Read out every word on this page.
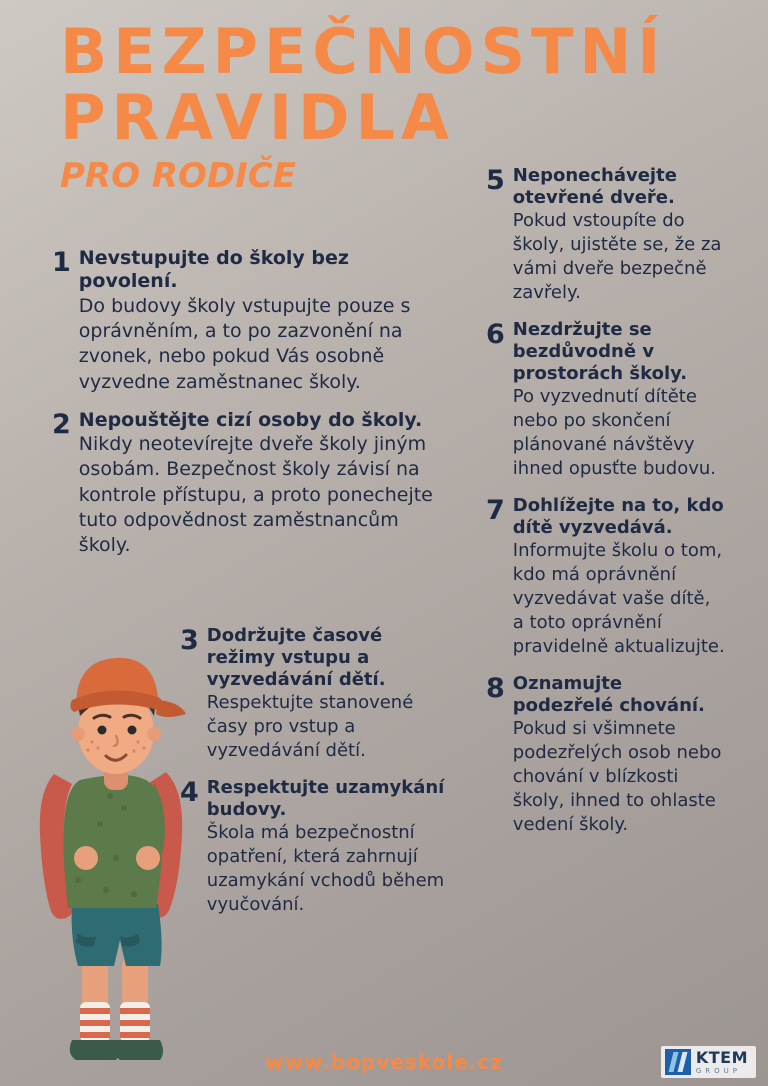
BEZPEČNOSTNÍ
PRAVIDLA
PRO RODIČE
1 Nevstupujte do školy bez povolení.
Do budovy školy vstupujte pouze s oprávněním, a to po zazvonění na zvonek, nebo pokud Vás osobně vyzvedne zaměstnanec školy.
2 Nepouštějte cizí osoby do školy.
Nikdy neotevírejte dveře školy jiným osobám. Bezpečnost školy závisí na kontrole přístupu, a proto ponechejte tuto odpovědnost zaměstnancům školy.
3 Dodržujte časové režimy vstupu a vyzvedávání dětí.
Respektujte stanovené časy pro vstup a vyzvedávání dětí.
4 Respektujte uzamykání budovy.
Škola má bezpečnostní opatření, která zahrnují uzamykání vchodů během vyučování.
5 Neponechávejte otevřené dveře.
Pokud vstoupíte do školy, ujistěte se, že za vámi dveře bezpečně zavřely.
6 Nezdržujte se bezdůvodně v prostorách školy.
Po vyzvednutí dítěte nebo po skončení plánované návštěvy ihned opusťte budovu.
7 Dohlížejte na to, kdo dítě vyzvedává.
Informujte školu o tom, kdo má oprávnění vyzvedávat vaše dítě, a toto oprávnění pravidelně aktualizujte.
8 Oznamujte podezřelé chování.
Pokud si všimnete podezřelých osob nebo chování v blízkosti školy, ihned to ohlaste vedení školy.
www.bopveskole.cz	KTEM
GROUP
